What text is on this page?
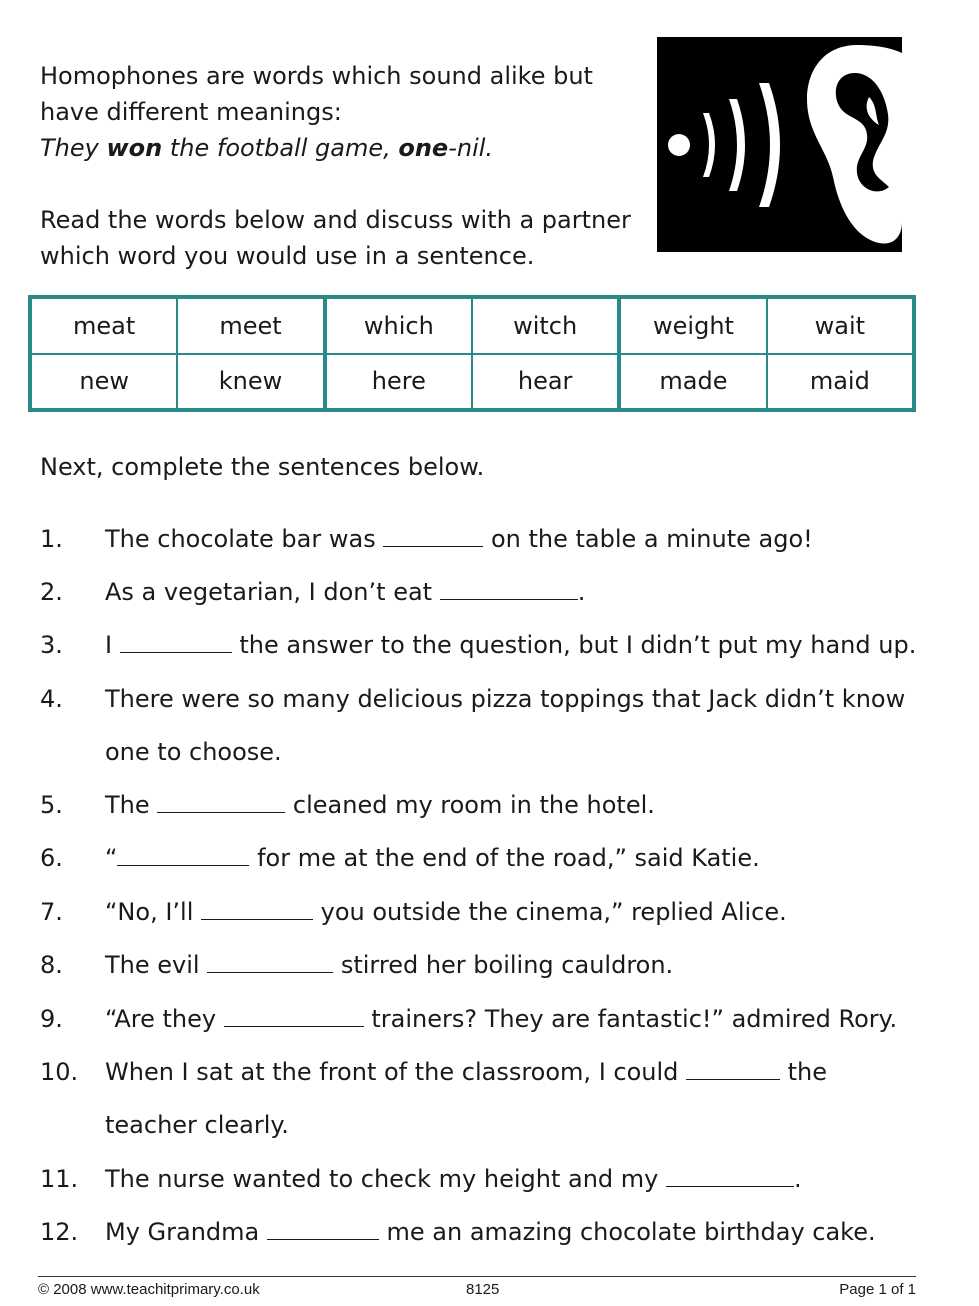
Homophones are words which sound alike but

have different meanings:

They won the football game, one-nil.

Read the words below and discuss with a partner

which word you would use in a sentence.

meat	meet	which	witch	weight	wait
new	knew	here	hear	made	maid

Next, complete the sentences below.

1. The chocolate bar was	on the table a minute ago!
2. As a vegetarian, I don’t eat	.
3. I	the answer to the question, but I didn’t put my hand up.
4. There were so many delicious pizza toppings that Jack didn’t know
one to choose.
5. The	cleaned my room in the hotel.
6. “	for me at the end of the road,” said Katie.
7. “No, I’ll	you outside the cinema,” replied Alice.
8. The evil	stirred her boiling cauldron.
9. “Are they	trainers? They are fantastic!” admired Rory.
10. When I sat at the front of the classroom, I could	the
teacher clearly.
11. The nurse wanted to check my height and my	.
12. My Grandma	me an amazing chocolate birthday cake.
© 2008 www.teachitprimary.co.uk	8125	Page 1 of 1
